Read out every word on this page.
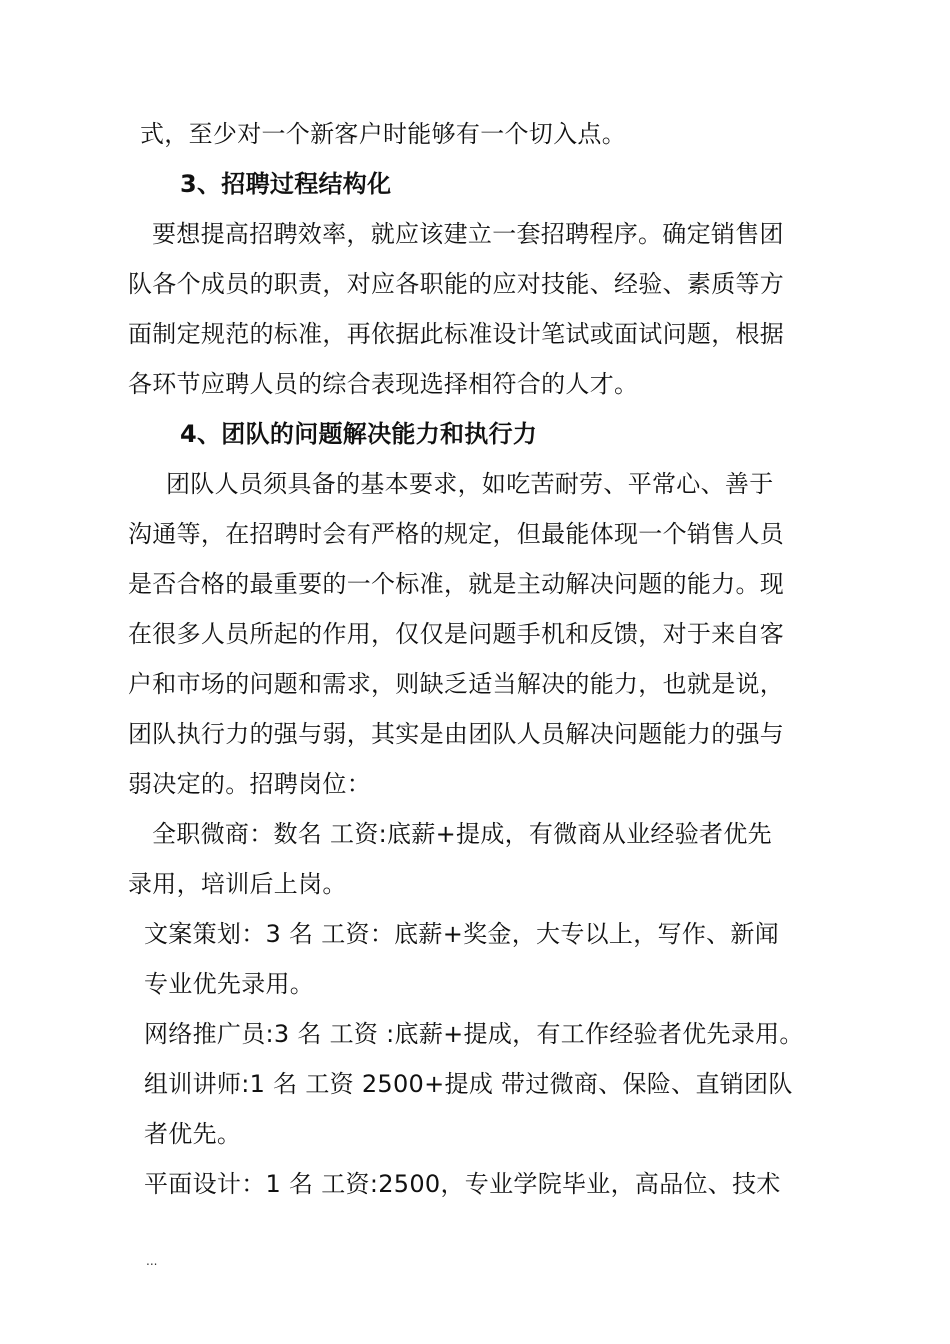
式，至少对一个新客户时能够有一个切入点。
3、招聘过程结构化
要想提高招聘效率，就应该建立一套招聘程序。确定销售团
队各个成员的职责，对应各职能的应对技能、经验、素质等方
面制定规范的标准，再依据此标准设计笔试或面试问题，根据
各环节应聘人员的综合表现选择相符合的人才。
4、团队的问题解决能力和执行力
团队人员须具备的基本要求，如吃苦耐劳、平常心、善于
沟通等，在招聘时会有严格的规定，但最能体现一个销售人员
是否合格的最重要的一个标准，就是主动解决问题的能力。现
在很多人员所起的作用，仅仅是问题手机和反馈，对于来自客
户和市场的问题和需求，则缺乏适当解决的能力，也就是说，
团队执行力的强与弱，其实是由团队人员解决问题能力的强与
弱决定的。招聘岗位：
全职微商：数名 工资:底薪+提成，有微商从业经验者优先
录用，培训后上岗。
文案策划：3 名 工资：底薪+奖金，大专以上，写作、新闻
专业优先录用。
网络推广员:3 名 工资 :底薪+提成，有工作经验者优先录用。
组训讲师:1 名 工资 2500+提成 带过微商、保险、直销团队
者优先。
平面设计：1 名 工资:2500，专业学院毕业，高品位、技术
...
